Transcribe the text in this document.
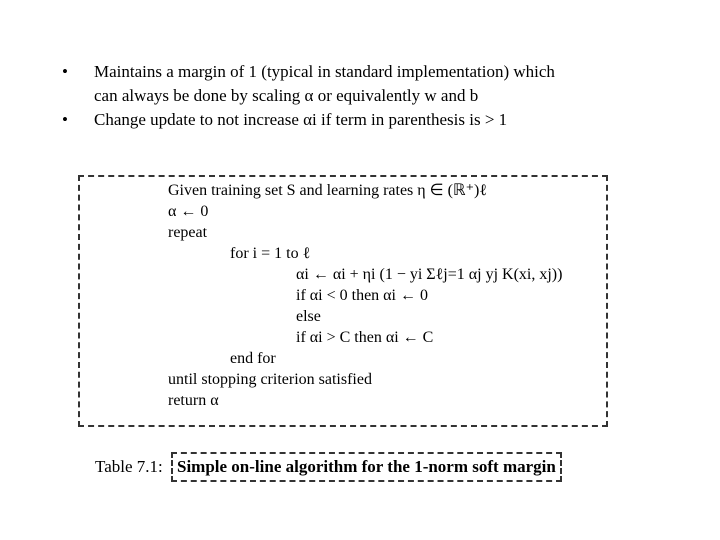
• Maintains a margin of 1 (typical in standard implementation) which
can always be done by scaling α or equivalently w and b
• Change update to not increase αi if term in parenthesis is > 1
Given training set S and learning rates η ∈ (ℝ⁺)ℓ
α ← 0
repeat
for i = 1 to ℓ
αi ← αi + ηi (1 − yi Σℓj=1 αj yj K(xi, xj))
if αi < 0 then αi ← 0
else
if αi > C then αi ← C
end for
until stopping criterion satisfied
return α
Table 7.1: Simple on-line algorithm for the 1-norm soft margin
